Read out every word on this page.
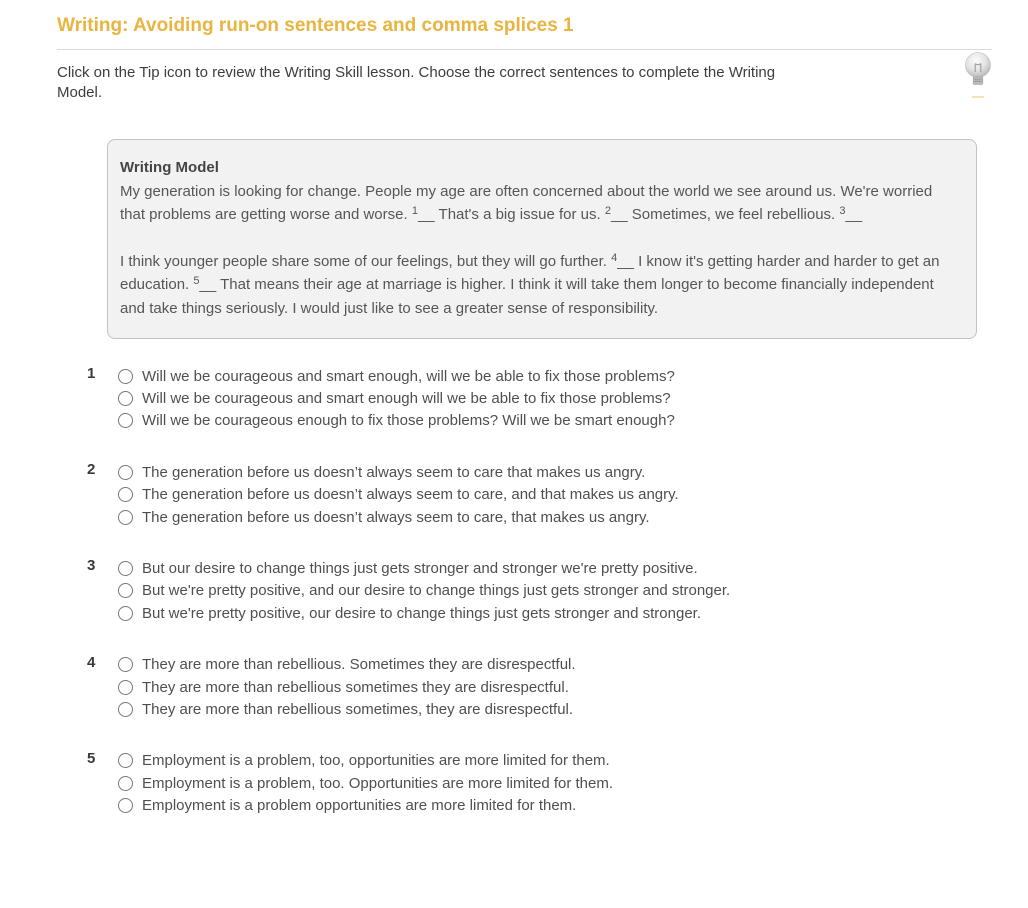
Writing: Avoiding run-on sentences and comma splices 1

Click on the Tip icon to review the Writing Skill lesson. Choose the correct sentences to complete the Writing Model.

Writing Model

My generation is looking for change. People my age are often concerned about the world we see around us. We're worried that problems are getting worse and worse. $^1$__ That's a big issue for us. $^2$__ Sometimes, we feel rebellious. $^3$__

I think younger people share some of our feelings, but they will go further. $^4$__ I know it's getting harder and harder to get an education. $^5$__ That means their age at marriage is higher. I think it will take them longer to become financially independent and take things seriously. I would just like to see a greater sense of responsibility.

1	Will we be courageous and smart enough, will we be able to fix those problems?
Will we be courageous and smart enough will we be able to fix those problems?
Will we be courageous enough to fix those problems? Will we be smart enough?
2	The generation before us doesn’t always seem to care that makes us angry.
The generation before us doesn’t always seem to care, and that makes us angry.
The generation before us doesn’t always seem to care, that makes us angry.
3	But our desire to change things just gets stronger and stronger we're pretty positive.
But we're pretty positive, and our desire to change things just gets stronger and stronger.
But we're pretty positive, our desire to change things just gets stronger and stronger.
4	They are more than rebellious. Sometimes they are disrespectful.
They are more than rebellious sometimes they are disrespectful.
They are more than rebellious sometimes, they are disrespectful.
5	Employment is a problem, too, opportunities are more limited for them.
Employment is a problem, too. Opportunities are more limited for them.
Employment is a problem opportunities are more limited for them.
